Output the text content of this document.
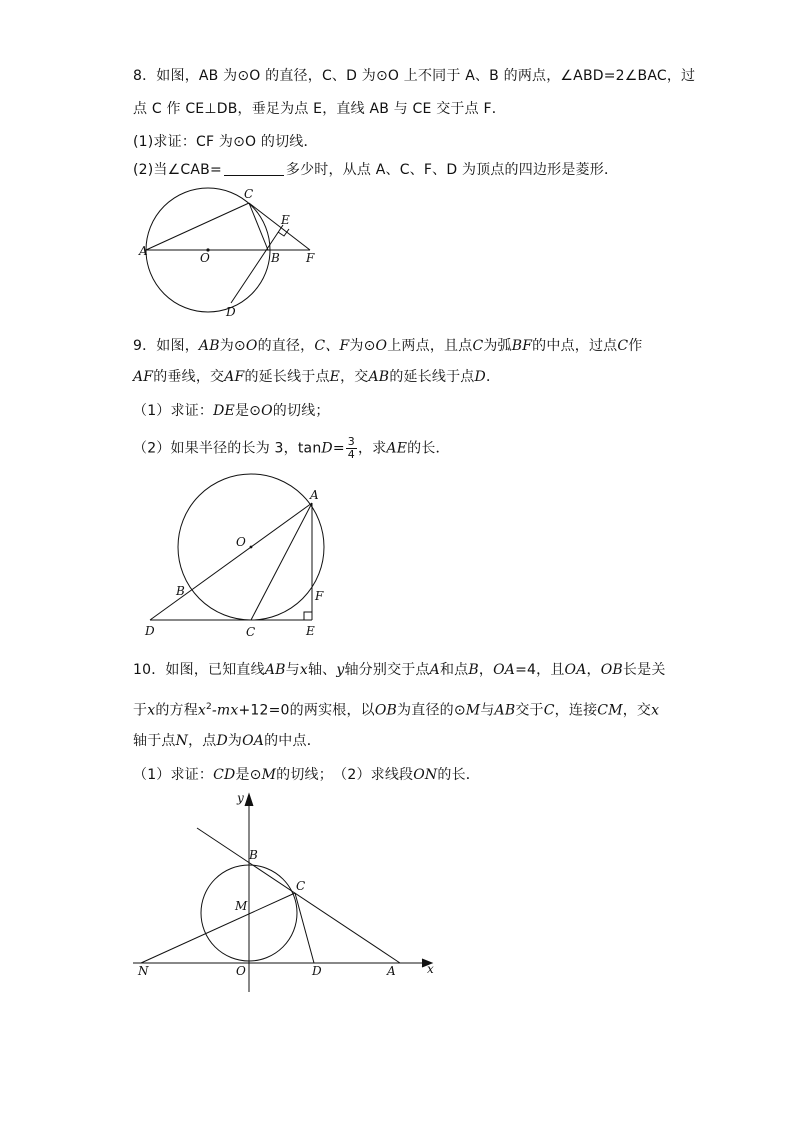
8．如图，AB 为⊙O 的直径，C、D 为⊙O 上不同于 A、B 的两点，∠ABD=2∠BAC，过
点 C 作 CE⊥DB，垂足为点 E，直线 AB 与 CE 交于点 F．
(1)求证：CF 为⊙O 的切线．
(2)当∠CAB=	多少时，从点 A、C、F、D 为顶点的四边形是菱形．
A	O	B F
C
E
D
9．如图，AB为⊙O的直径，C、F为⊙O上两点，且点C为弧BF的中点，过点C作
AF的垂线，交AF的延长线于点E，交AB的延长线于点D．
（1）求证：DE是⊙O的切线；
（2）如果半径的长为 3，$\tan D= \frac{3}{4}$ ，求AE的长．
A
O
B	F
D	C	E
10．如图，已知直线AB与x轴、y轴分别交于点A和点B，OA=4，且OA，OB长是关
于x的方程$x^2-mx+12=0$的两实根，以OB为直径的⊙M与AB交于C，连接CM，交x
轴于点N，点D为OA的中点．
（1）求证：CD是⊙M的切线；　（2）求线段ON的长．
y
x
B
C
M
N	O	D	A
